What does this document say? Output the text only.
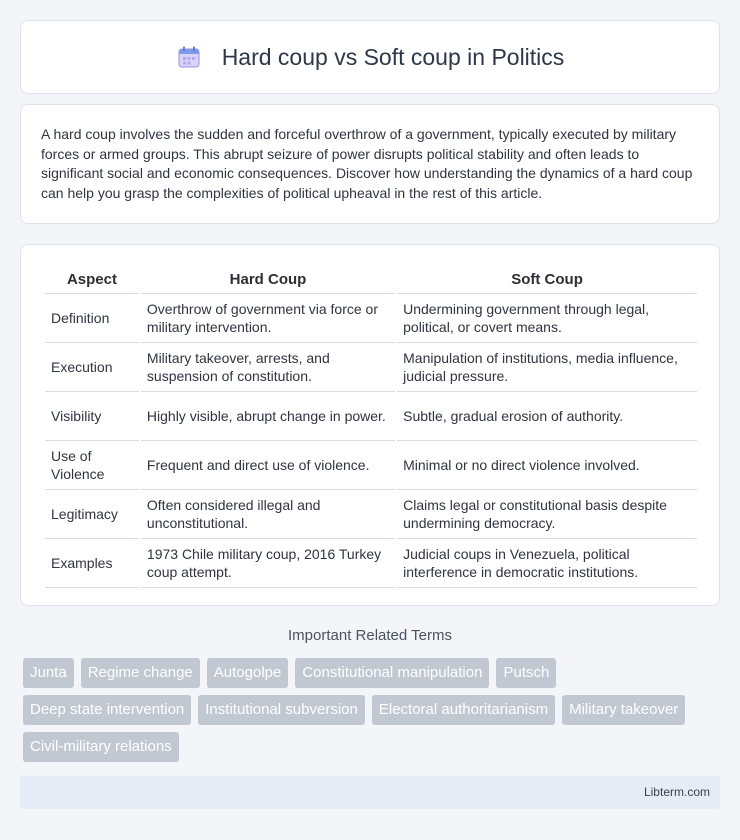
Hard coup vs Soft coup in Politics

A hard coup involves the sudden and forceful overthrow of a government, typically executed by military forces or armed groups. This abrupt seizure of power disrupts political stability and often leads to significant social and economic consequences. Discover how understanding the dynamics of a hard coup can help you grasp the complexities of political upheaval in the rest of this article.

Aspect	Hard Coup	Soft Coup
Definition	Overthrow of government via force or military intervention.	Undermining government through legal, political, or covert means.
Execution	Military takeover, arrests, and suspension of constitution.	Manipulation of institutions, media influence, judicial pressure.
Visibility	Highly visible, abrupt change in power.	Subtle, gradual erosion of authority.
Use of Violence	Frequent and direct use of violence.	Minimal or no direct violence involved.
Legitimacy	Often considered illegal and unconstitutional.	Claims legal or constitutional basis despite undermining democracy.
Examples	1973 Chile military coup, 2016 Turkey coup attempt.	Judicial coups in Venezuela, political interference in democratic institutions.
Important Related Terms
Junta	Regime change	Autogolpe	Constitutional manipulation	Putsch
Deep state intervention	Institutional subversion	Electoral authoritarianism	Military takeover
Civil-military relations
Libterm.com
